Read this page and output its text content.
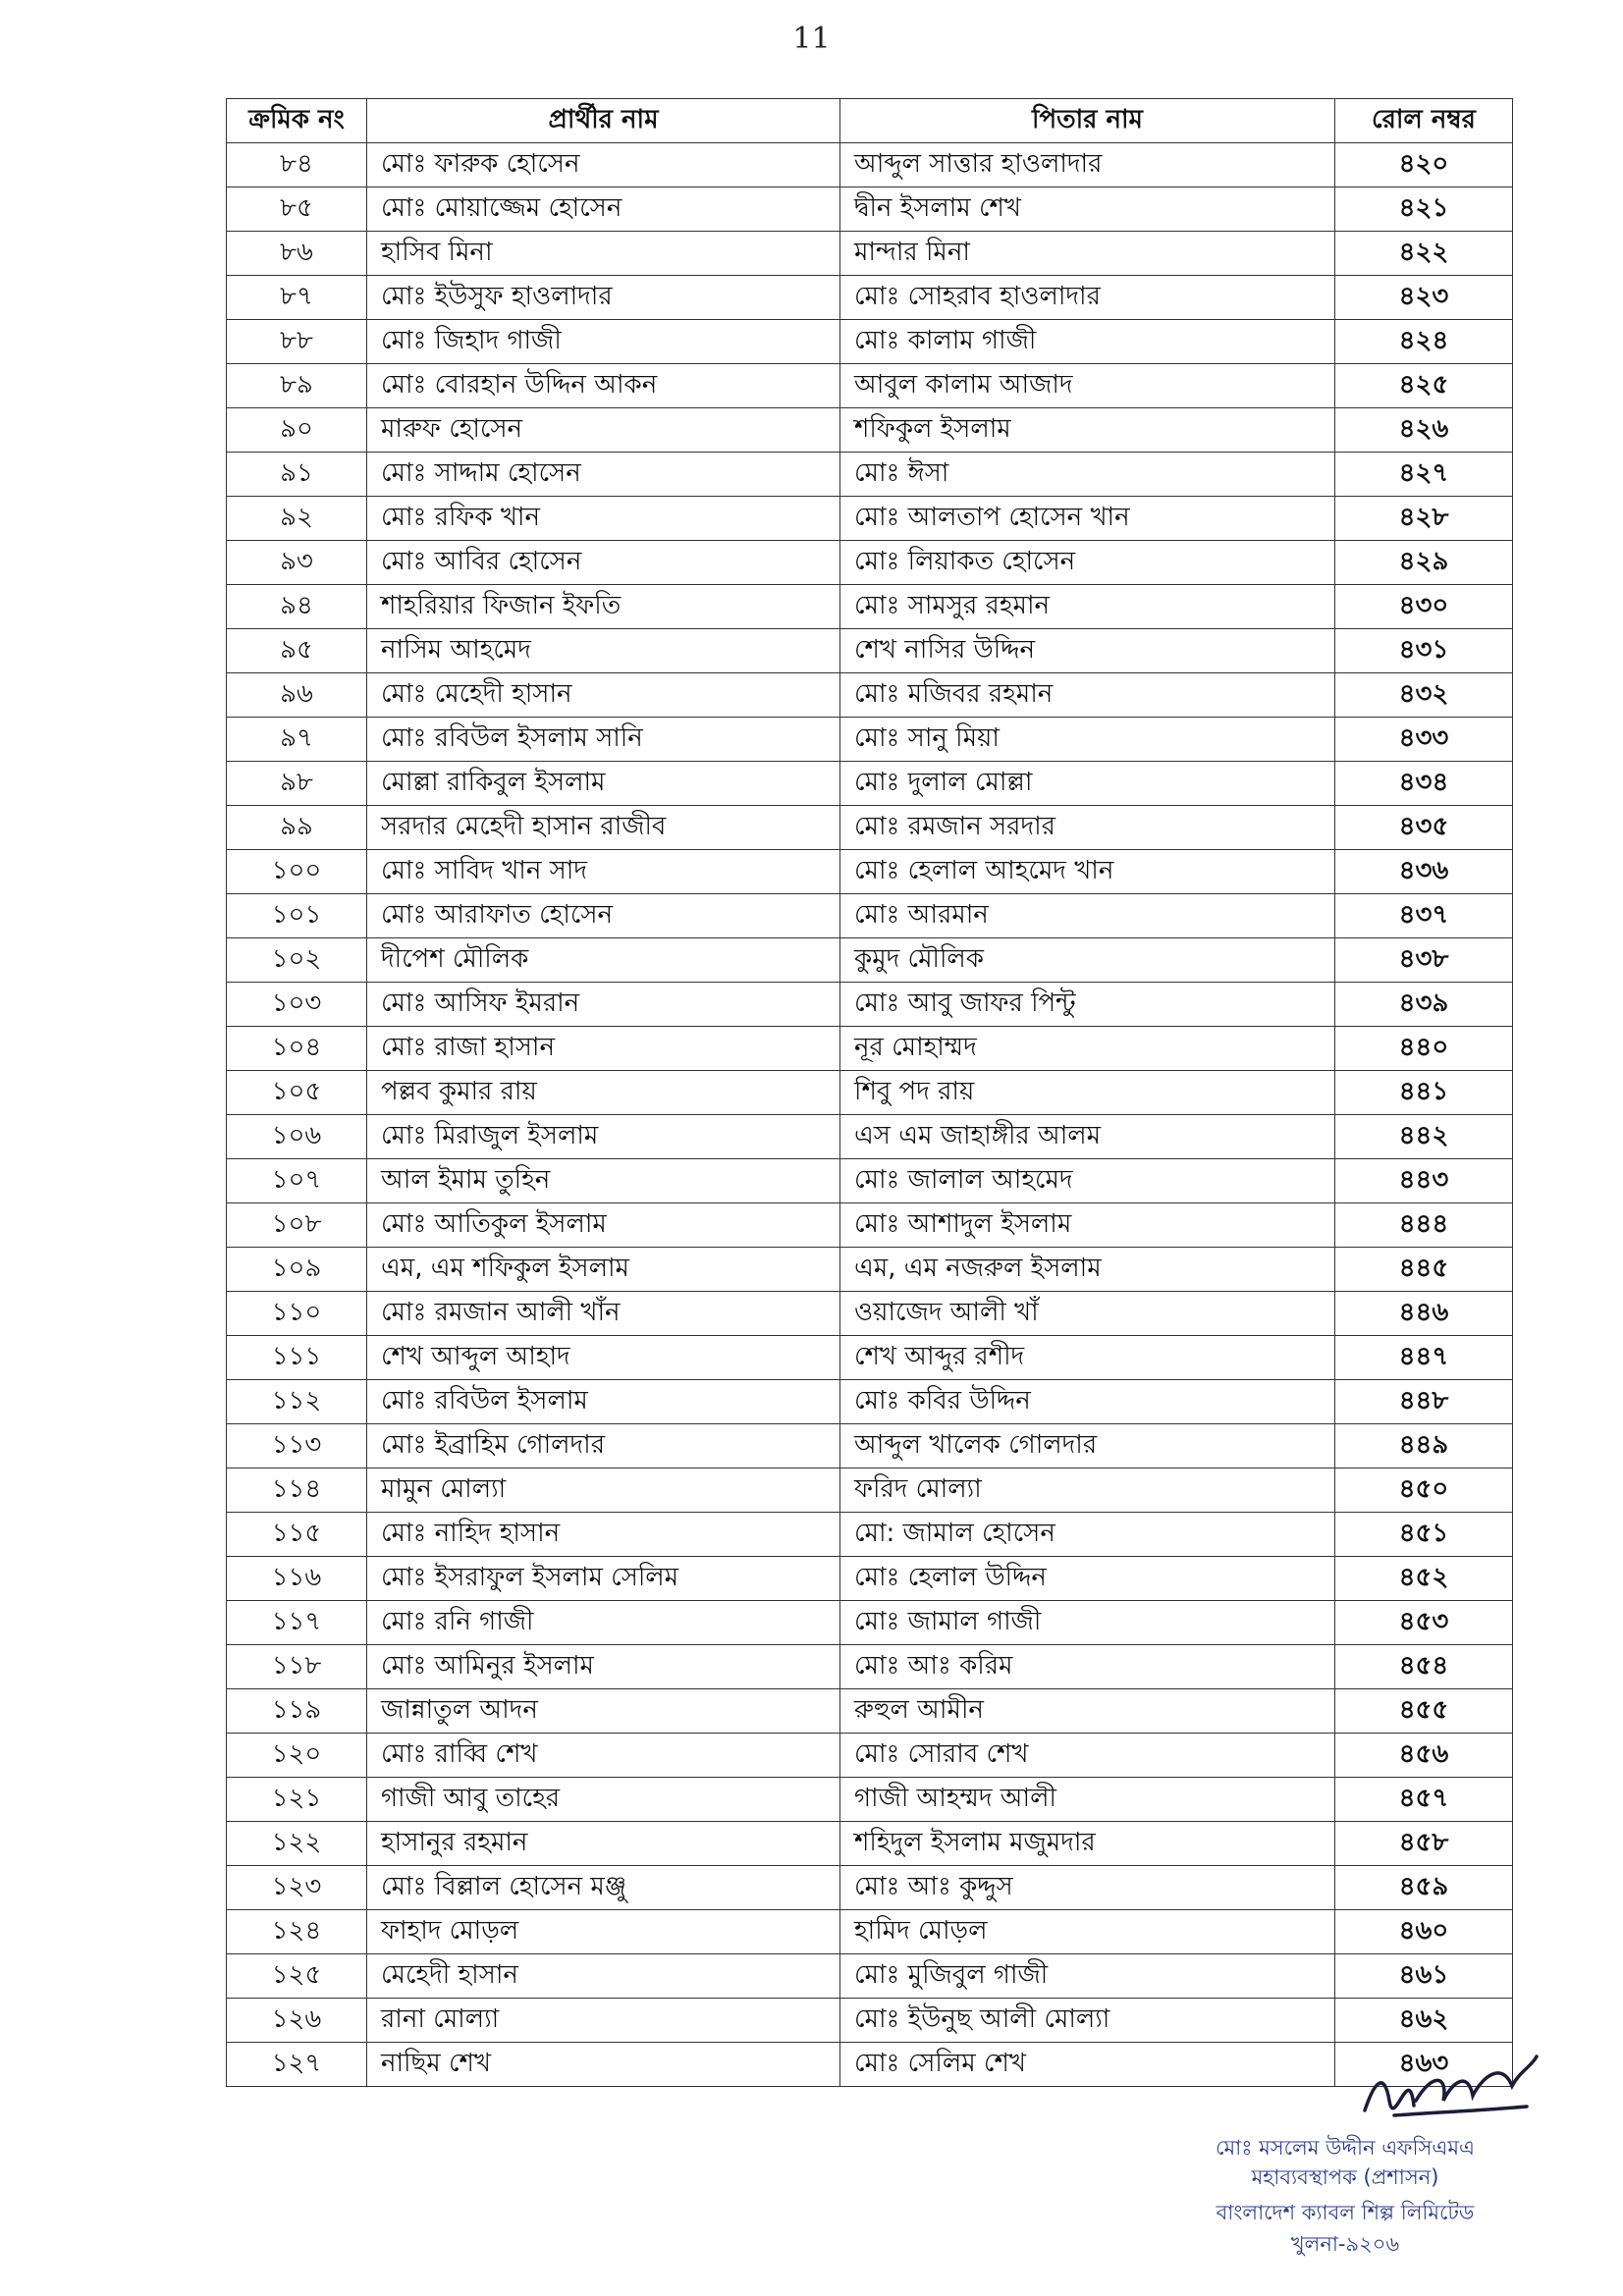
11
ক্রমিক নং	প্রার্থীর নাম	পিতার নাম	রোল নম্বর
৮৪	মোঃ ফারুক হোসেন	আব্দুল সাত্তার হাওলাদার	৪২০
৮৫	মোঃ মোয়াজ্জেম হোসেন	দ্বীন ইসলাম শেখ	৪২১
৮৬	হাসিব মিনা	মান্দার মিনা	৪২২
৮৭	মোঃ ইউসুফ হাওলাদার	মোঃ সোহরাব হাওলাদার	৪২৩
৮৮	মোঃ জিহাদ গাজী	মোঃ কালাম গাজী	৪২৪
৮৯	মোঃ বোরহান উদ্দিন আকন	আবুল কালাম আজাদ	৪২৫
৯০	মারুফ হোসেন	শফিকুল ইসলাম	৪২৬
৯১	মোঃ সাদ্দাম হোসেন	মোঃ ঈসা	৪২৭
৯২	মোঃ রফিক খান	মোঃ আলতাপ হোসেন খান	৪২৮
৯৩	মোঃ আবির হোসেন	মোঃ লিয়াকত হোসেন	৪২৯
৯৪	শাহরিয়ার ফিজান ইফতি	মোঃ সামসুর রহমান	৪৩০
৯৫	নাসিম আহমেদ	শেখ নাসির উদ্দিন	৪৩১
৯৬	মোঃ মেহেদী হাসান	মোঃ মজিবর রহমান	৪৩২
৯৭	মোঃ রবিউল ইসলাম সানি	মোঃ সানু মিয়া	৪৩৩
৯৮	মোল্লা রাকিবুল ইসলাম	মোঃ দুলাল মোল্লা	৪৩৪
৯৯	সরদার মেহেদী হাসান রাজীব	মোঃ রমজান সরদার	৪৩৫
১০০	মোঃ সাবিদ খান সাদ	মোঃ হেলাল আহমেদ খান	৪৩৬
১০১	মোঃ আরাফাত হোসেন	মোঃ আরমান	৪৩৭
১০২	দীপেশ মৌলিক	কুমুদ মৌলিক	৪৩৮
১০৩	মোঃ আসিফ ইমরান	মোঃ আবু জাফর পিন্টু	৪৩৯
১০৪	মোঃ রাজা হাসান	নূর মোহাম্মদ	৪৪০
১০৫	পল্লব কুমার রায়	শিবু পদ রায়	৪৪১
১০৬	মোঃ মিরাজুল ইসলাম	এস এম জাহাঙ্গীর আলম	৪৪২
১০৭	আল ইমাম তুহিন	মোঃ জালাল আহমেদ	৪৪৩
১০৮	মোঃ আতিকুল ইসলাম	মোঃ আশাদুল ইসলাম	৪৪৪
১০৯	এম, এম শফিকুল ইসলাম	এম, এম নজরুল ইসলাম	৪৪৫
১১০	মোঃ রমজান আলী খাঁন	ওয়াজেদ আলী খাঁ	৪৪৬
১১১	শেখ আব্দুল আহাদ	শেখ আব্দুর রশীদ	৪৪৭
১১২	মোঃ রবিউল ইসলাম	মোঃ কবির উদ্দিন	৪৪৮
১১৩	মোঃ ইব্রাহিম গোলদার	আব্দুল খালেক গোলদার	৪৪৯
১১৪	মামুন মোল্যা	ফরিদ মোল্যা	৪৫০
১১৫	মোঃ নাহিদ হাসান	মো: জামাল হোসেন	৪৫১
১১৬	মোঃ ইসরাফুল ইসলাম সেলিম	মোঃ হেলাল উদ্দিন	৪৫২
১১৭	মোঃ রনি গাজী	মোঃ জামাল গাজী	৪৫৩
১১৮	মোঃ আমিনুর ইসলাম	মোঃ আঃ করিম	৪৫৪
১১৯	জান্নাতুল আদন	রুহুল আমীন	৪৫৫
১২০	মোঃ রাব্বি শেখ	মোঃ সোরাব শেখ	৪৫৬
১২১	গাজী আবু তাহের	গাজী আহম্মদ আলী	৪৫৭
১২২	হাসানুর রহমান	শহিদুল ইসলাম মজুমদার	৪৫৮
১২৩	মোঃ বিল্লাল হোসেন মঞ্জু	মোঃ আঃ কুদ্দুস	৪৫৯
১২৪	ফাহাদ মোড়ল	হামিদ মোড়ল	৪৬০
১২৫	মেহেদী হাসান	মোঃ মুজিবুল গাজী	৪৬১
১২৬	রানা মোল্যা	মোঃ ইউনুছ আলী মোল্যা	৪৬২
১২৭	নাছিম শেখ	মোঃ সেলিম শেখ	৪৬৩
মোঃ মসলেম উদ্দীন এফসিএমএ
মহাব্যবস্থাপক (প্রশাসন)
বাংলাদেশ ক্যাবল শিল্প লিমিটেড
খুলনা-৯২০৬
